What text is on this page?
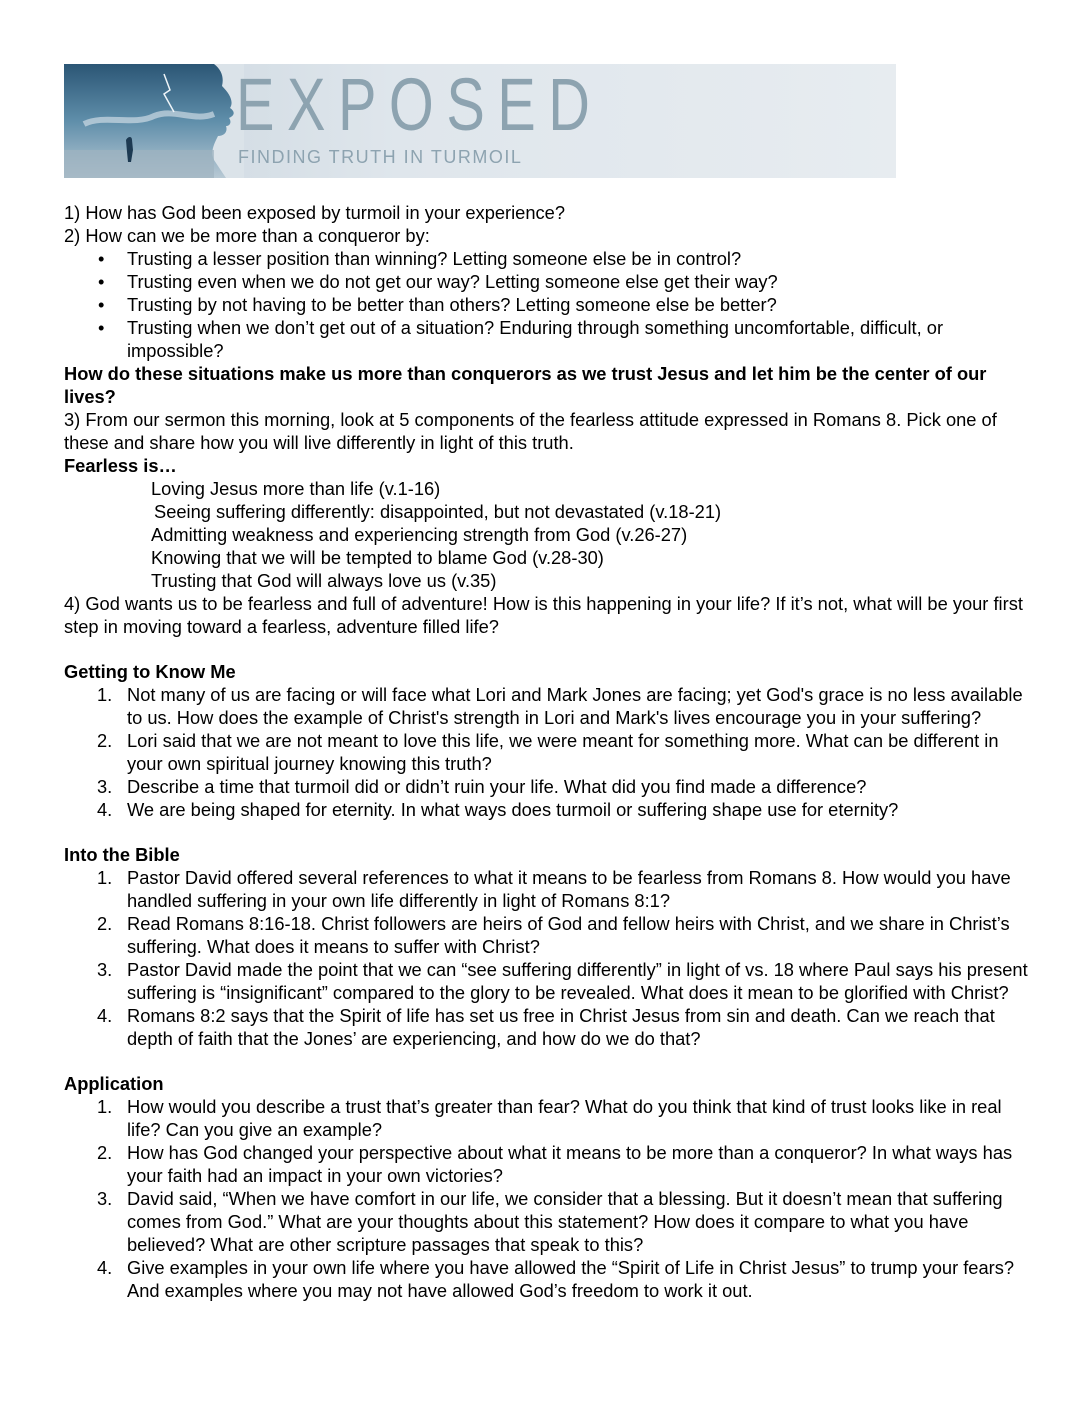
EXPOSED
FINDING TRUTH IN TURMOIL

1) How has God been exposed by turmoil in your experience?

2) How can we be more than a conqueror by:

• Trusting a lesser position than winning? Letting someone else be in control?
• Trusting even when we do not get our way? Letting someone else get their way?
• Trusting by not having to be better than others? Letting someone else be better?
• Trusting when we don’t get out of a situation? Enduring through something uncomfortable, difficult, or impossible?

How do these situations make us more than conquerors as we trust Jesus and let him be the center of our lives?

3) From our sermon this morning, look at 5 components of the fearless attitude expressed in Romans 8. Pick one of these and share how you will live differently in light of this truth.

Fearless is…

Loving Jesus more than life (v.1-16)

Seeing suffering differently: disappointed, but not devastated (v.18-21)

Admitting weakness and experiencing strength from God (v.26-27)

Knowing that we will be tempted to blame God (v.28-30)

Trusting that God will always love us (v.35)

4) God wants us to be fearless and full of adventure! How is this happening in your life? If it’s not, what will be your first step in moving toward a fearless, adventure filled life?

Getting to Know Me

1. Not many of us are facing or will face what Lori and Mark Jones are facing; yet God's grace is no less available to us. How does the example of Christ's strength in Lori and Mark's lives encourage you in your suffering?
2. Lori said that we are not meant to love this life, we were meant for something more. What can be different in your own spiritual journey knowing this truth?
3. Describe a time that turmoil did or didn’t ruin your life. What did you find made a difference?
4. We are being shaped for eternity. In what ways does turmoil or suffering shape use for eternity?

Into the Bible

1. Pastor David offered several references to what it means to be fearless from Romans 8. How would you have handled suffering in your own life differently in light of Romans 8:1?
2. Read Romans 8:16-18. Christ followers are heirs of God and fellow heirs with Christ, and we share in Christ’s suffering. What does it means to suffer with Christ?
3. Pastor David made the point that we can “see suffering differently” in light of vs. 18 where Paul says his present suffering is “insignificant” compared to the glory to be revealed. What does it mean to be glorified with Christ?
4. Romans 8:2 says that the Spirit of life has set us free in Christ Jesus from sin and death. Can we reach that depth of faith that the Jones’ are experiencing, and how do we do that?

Application

1. How would you describe a trust that’s greater than fear? What do you think that kind of trust looks like in real life? Can you give an example?
2. How has God changed your perspective about what it means to be more than a conqueror? In what ways has your faith had an impact in your own victories?
3. David said, “When we have comfort in our life, we consider that a blessing. But it doesn’t mean that suffering comes from God.” What are your thoughts about this statement? How does it compare to what you have believed? What are other scripture passages that speak to this?
4. Give examples in your own life where you have allowed the “Spirit of Life in Christ Jesus” to trump your fears? And examples where you may not have allowed God’s freedom to work it out.
